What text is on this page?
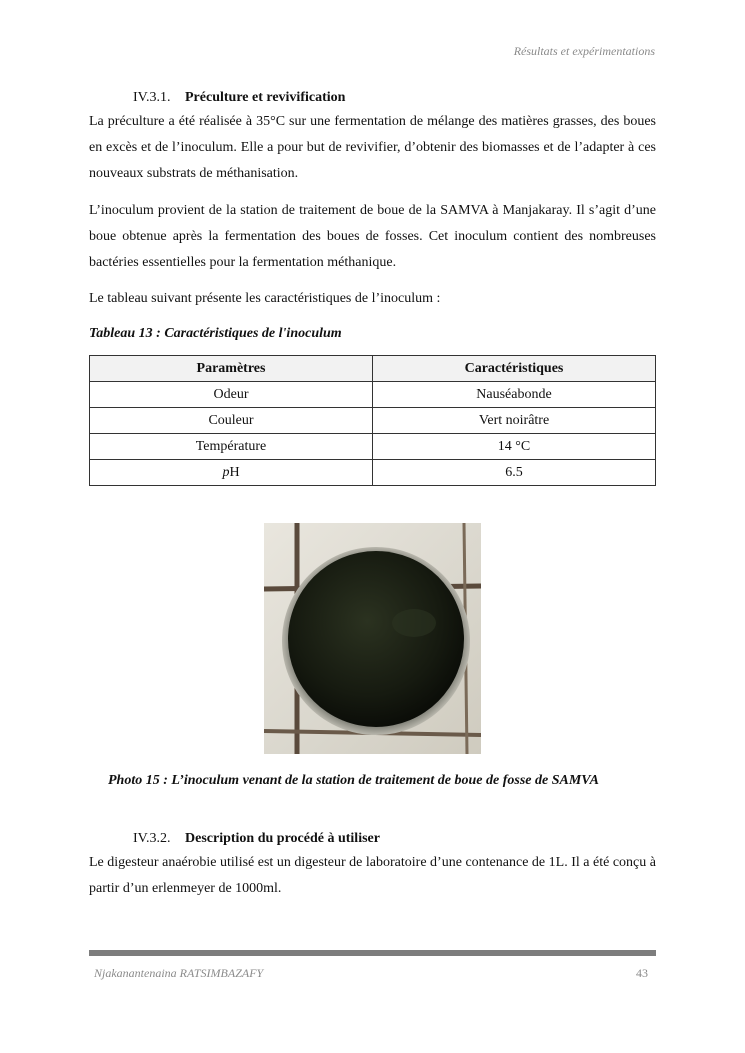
Résultats et expérimentations
IV.3.1. Préculture et revivification
La préculture a été réalisée à 35°C sur une fermentation de mélange des matières grasses, des boues en excès et de l’inoculum. Elle a pour but de revivifier, d’obtenir des biomasses et de l’adapter à ces nouveaux substrats de méthanisation.
L’inoculum provient de la station de traitement de boue de la SAMVA à Manjakaray. Il s’agit d’une boue obtenue après la fermentation des boues de fosses. Cet inoculum contient des nombreuses bactéries essentielles pour la fermentation méthanique.
Le tableau suivant présente les caractéristiques de l’inoculum :
Tableau 13 : Caractéristiques de l'inoculum
Paramètres	Caractéristiques
Odeur	Nauséabonde
Couleur	Vert noirâtre
Température	14 °C
pH	6.5
Photo 15 : L’inoculum venant de la station de traitement de boue de fosse de SAMVA
IV.3.2. Description du procédé à utiliser
Le digesteur anaérobie utilisé est un digesteur de laboratoire d’une contenance de 1L. Il a été conçu à partir d’un erlenmeyer de 1000ml.
Njakanantenaina RATSIMBAZAFY	43
